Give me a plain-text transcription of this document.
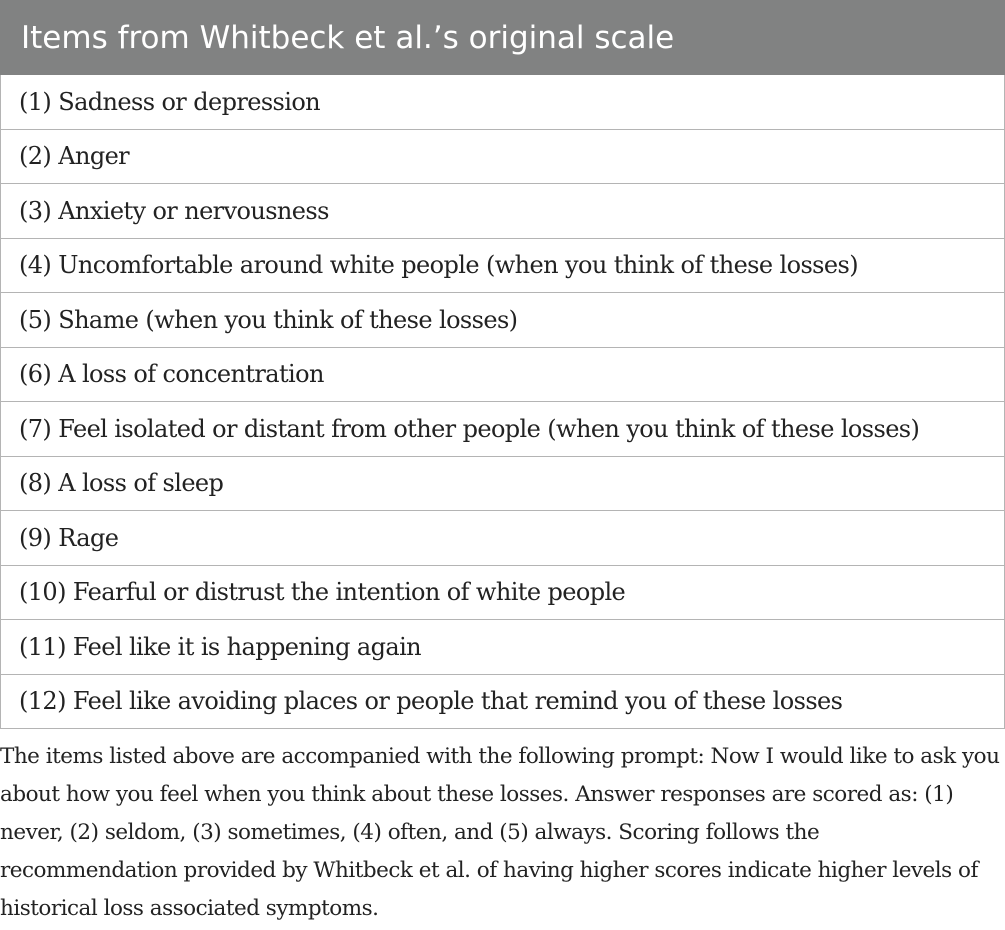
Items from Whitbeck et al.’s original scale
(1) Sadness or depression
(2) Anger
(3) Anxiety or nervousness
(4) Uncomfortable around white people (when you think of these losses)
(5) Shame (when you think of these losses)
(6) A loss of concentration
(7) Feel isolated or distant from other people (when you think of these losses)
(8) A loss of sleep
(9) Rage
(10) Fearful or distrust the intention of white people
(11) Feel like it is happening again
(12) Feel like avoiding places or people that remind you of these losses

The items listed above are accompanied with the following prompt: Now I would like to ask you about how you feel when you think about these losses. Answer responses are scored as: (1) never, (2) seldom, (3) sometimes, (4) often, and (5) always. Scoring follows the recommendation provided by Whitbeck et al. of having higher scores indicate higher levels of historical loss associated symptoms.
